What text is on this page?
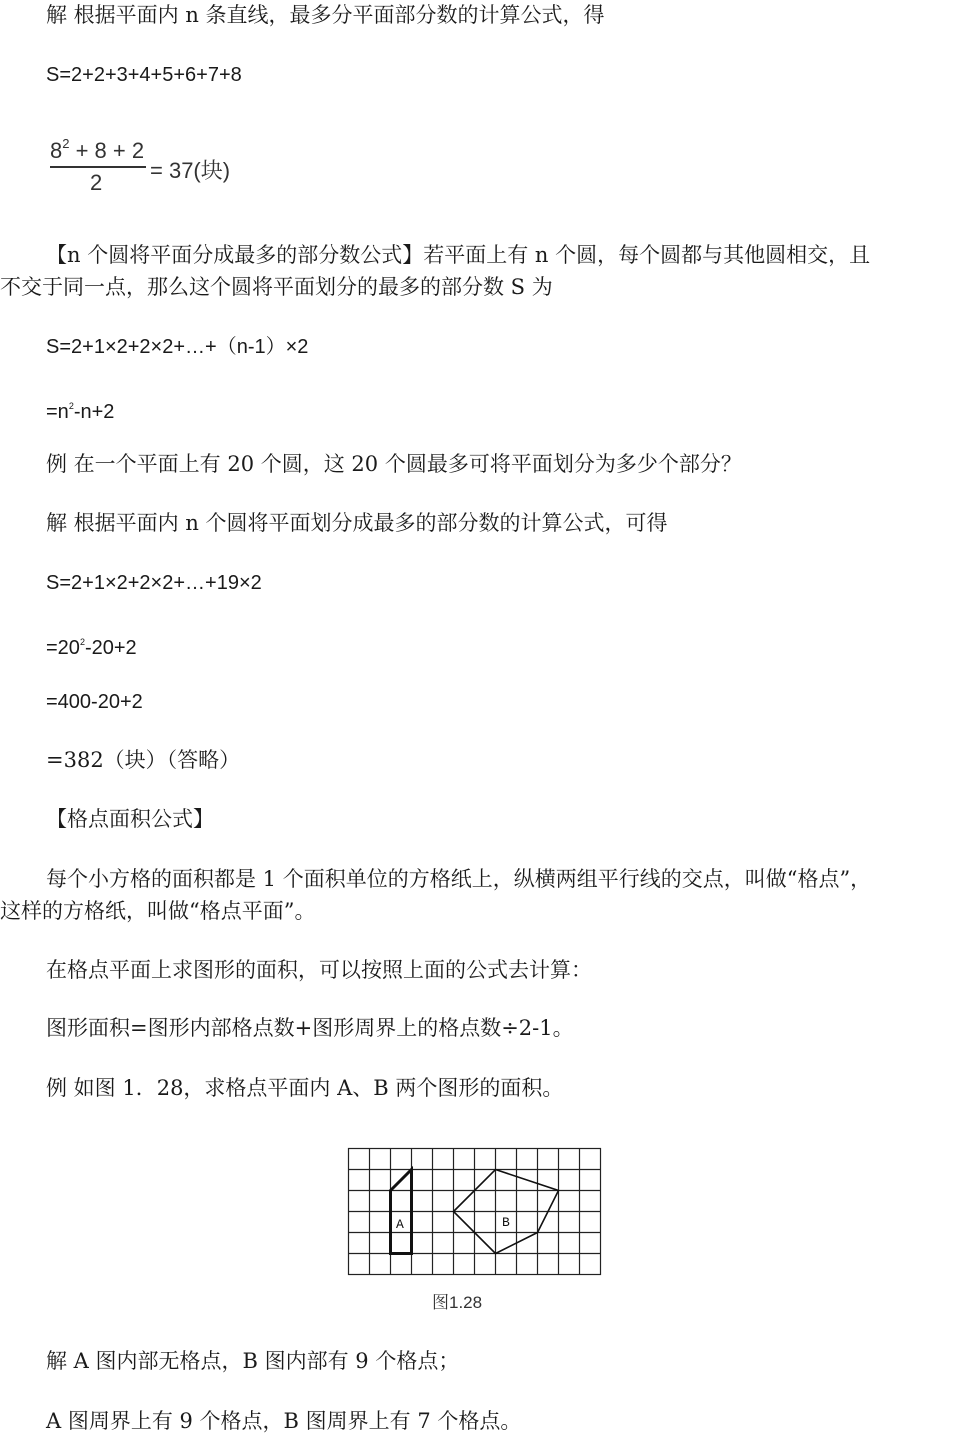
解 根据平面内 n 条直线，最多分平面部分数的计算公式，得
S=2+2+3+4+5+6+7+8
$8^2 + 8 + 2$
2 = 37(块)
【n 个圆将平面分成最多的部分数公式】若平面上有 n 个圆，每个圆都与其他圆相交，且
不交于同一点，那么这个圆将平面划分的最多的部分数 S 为
S=2+1×2+2×2+…+（n-1）×2
$=n^2-n+2$
例 在一个平面上有 20 个圆，这 20 个圆最多可将平面划分为多少个部分？
解 根据平面内 n 个圆将平面划分成最多的部分数的计算公式，可得
S=2+1×2+2×2+…+19×2
$=20^2-20+2$
=400-20+2
=382（块）（答略）
【格点面积公式】
每个小方格的面积都是 1 个面积单位的方格纸上，纵横两组平行线的交点，叫做“格点”，
这样的方格纸，叫做“格点平面”。
在格点平面上求图形的面积，可以按照上面的公式去计算：
图形面积=图形内部格点数+图形周界上的格点数÷2-1。
例 如图 1．28，求格点平面内 A、B 两个图形的面积。
A	B
图1.28
解 A 图内部无格点，B 图内部有 9 个格点；
A 图周界上有 9 个格点，B 图周界上有 7 个格点。
